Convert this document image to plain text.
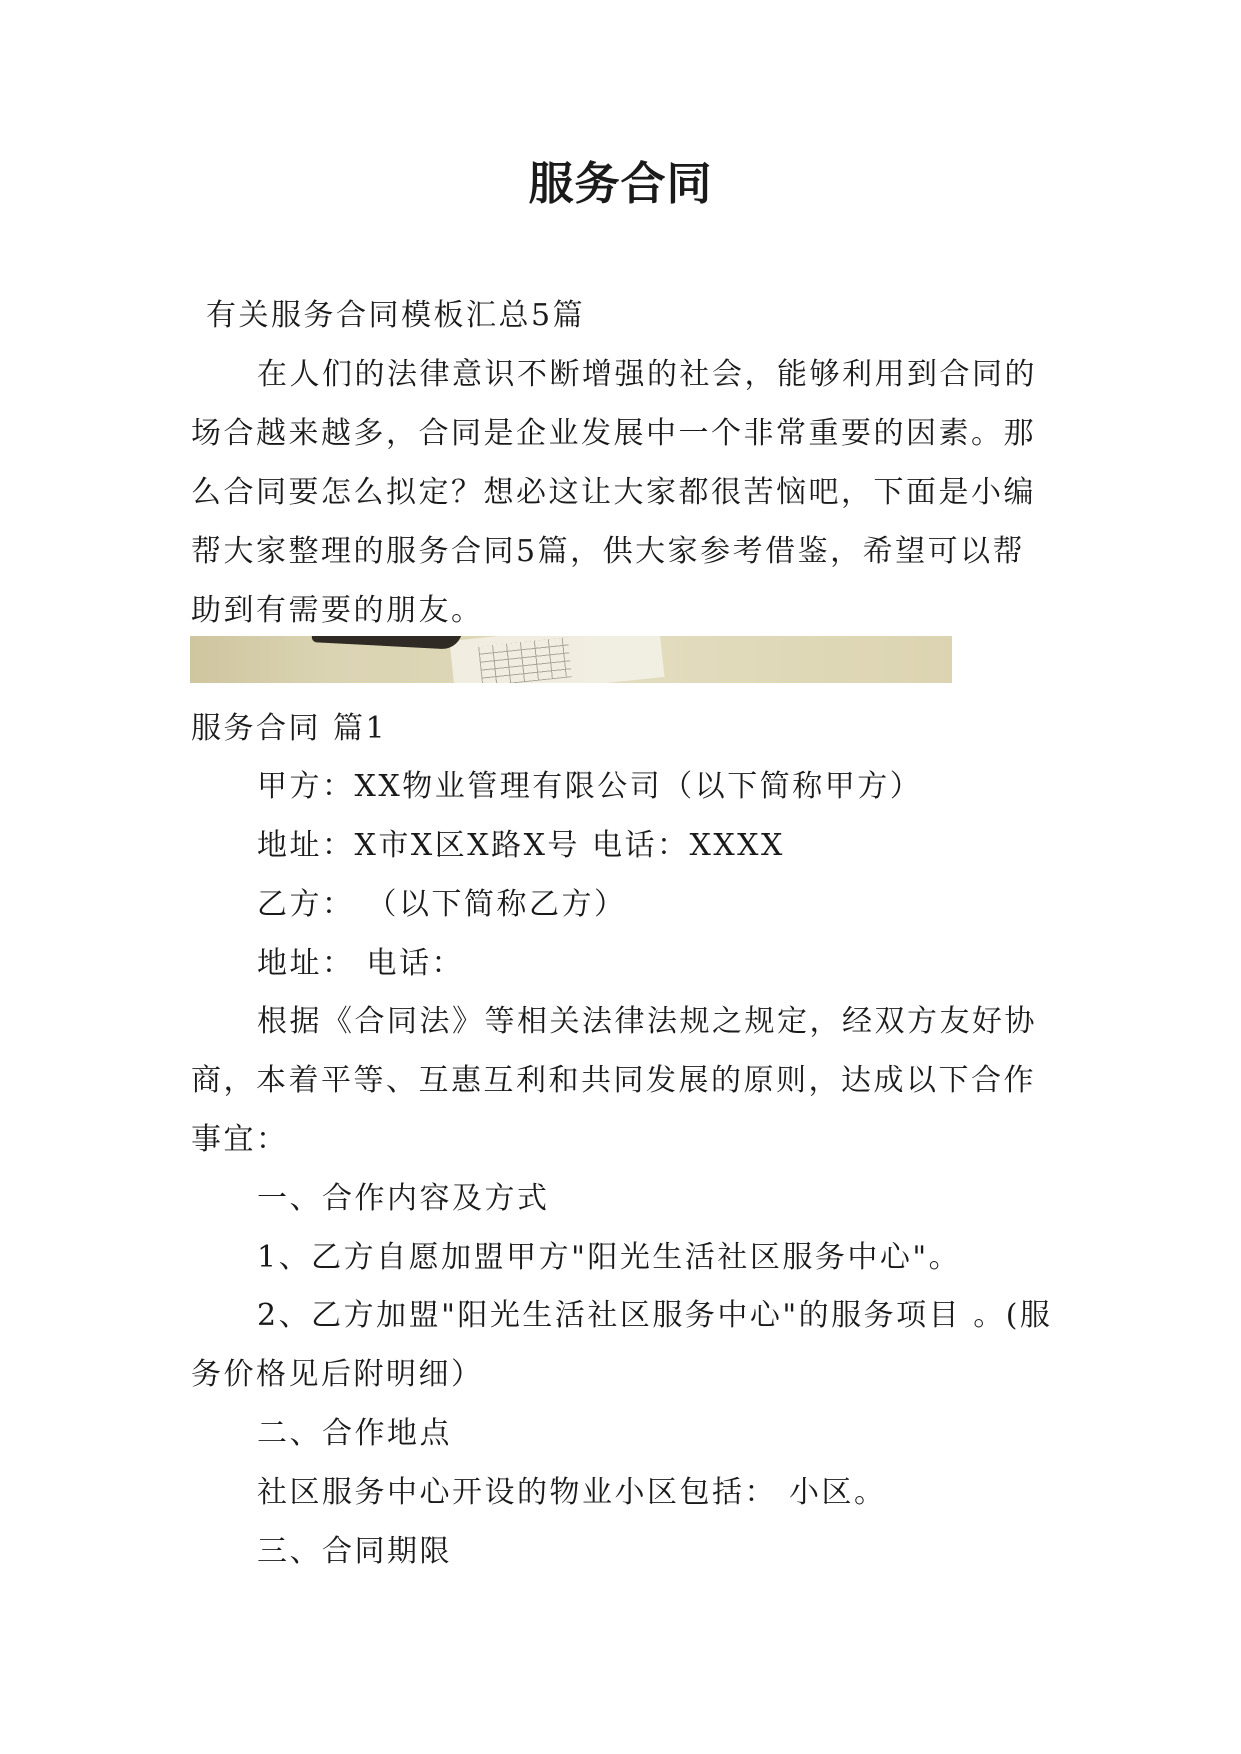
服务合同

有关服务合同模板汇总5篇

在人们的法律意识不断增强的社会，能够利用到合同的

场合越来越多，合同是企业发展中一个非常重要的因素。那

么合同要怎么拟定？想必这让大家都很苦恼吧，下面是小编

帮大家整理的服务合同5篇，供大家参考借鉴，希望可以帮

助到有需要的朋友。

服务合同 篇1

甲方：XX物业管理有限公司（以下简称甲方）

地址：X市X区X路X号 电话：XXXX

乙方： （以下简称乙方）

地址： 电话：

根据《合同法》等相关法律法规之规定，经双方友好协

商，本着平等、互惠互利和共同发展的原则，达成以下合作

事宜：

一、合作内容及方式

1、乙方自愿加盟甲方"阳光生活社区服务中心"。

2、乙方加盟"阳光生活社区服务中心"的服务项目 。(服

务价格见后附明细）

二、合作地点

社区服务中心开设的物业小区包括： 小区。

三、合同期限
